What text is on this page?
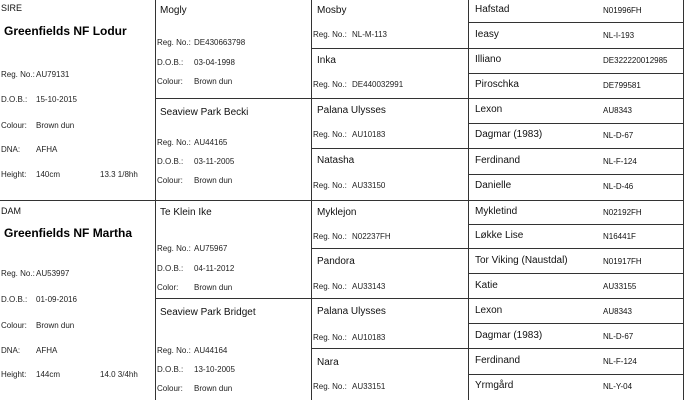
SIRE
Greenfields NF Lodur
Reg. No.: AU79131
D.O.B.: 15-10-2015
Colour: Brown dun
DNA: AFHA
Height: 140cm	13.3 1/8hh
DAM
Greenfields NF Martha
Reg. No.: AU53997
D.O.B.: 01-09-2016
Colour: Brown dun
DNA: AFHA
Height: 144cm	14.0 3/4hh
Mogly
Reg. No.: DE430663798
D.O.B.: 03-04-1998
Colour: Brown dun
Seaview Park Becki
Reg. No.: AU44165
D.O.B.: 03-11-2005
Colour: Brown dun
Te Klein Ike
Reg. No.: AU75967
D.O.B.: 04-11-2012
Color: Brown dun
Seaview Park Bridget
Reg. No.: AU44164
D.O.B.: 13-10-2005
Colour: Brown dun
Mosby
Reg. No.: NL-M-113
Inka
Reg. No.: DE440032991
Palana Ulysses
Reg. No.: AU10183
Natasha
Reg. No.: AU33150
Myklejon
Reg. No.: N02237FH
Pandora
Reg. No.: AU33143
Palana Ulysses
Reg. No.: AU10183
Nara
Reg. No.: AU33151
Hafstad	N01996FH
Ieasy	NL-I-193
Illiano	DE322220012985
Piroschka	DE799581
Lexon	AU8343
Dagmar (1983)	NL-D-67
Ferdinand	NL-F-124
Danielle	NL-D-46
Mykletind	N02192FH
Løkke Lise	N16441F
Tor Viking (Naustdal)	N01917FH
Katie	AU33155
Lexon	AU8343
Dagmar (1983)	NL-D-67
Ferdinand	NL-F-124
Yrmgård	NL-Y-04
